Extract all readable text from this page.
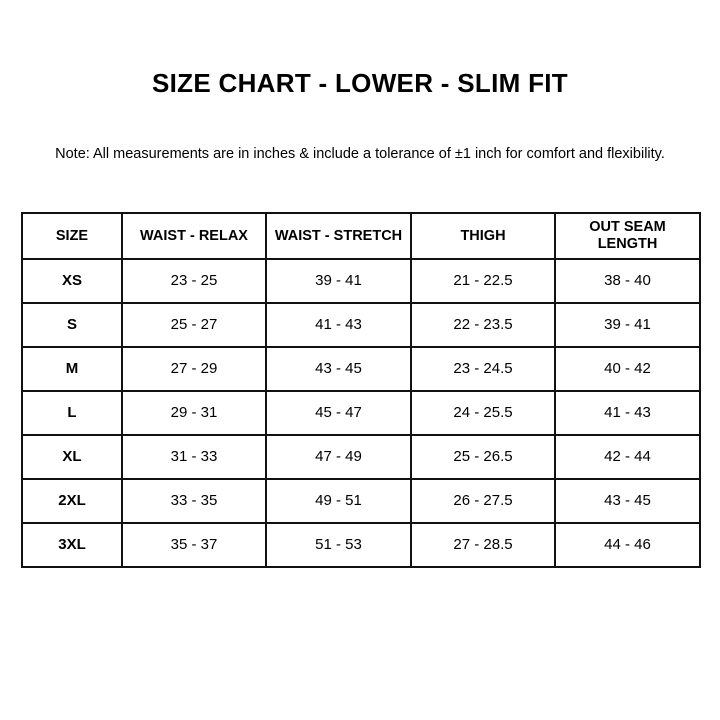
SIZE CHART - LOWER - SLIM FIT
Note: All measurements are in inches & include a tolerance of ±1 inch for comfort and flexibility.
SIZE	WAIST - RELAX	WAIST - STRETCH	THIGH	OUT SEAM LENGTH
XS	23 - 25	39 - 41	21 - 22.5	38 - 40
S	25 - 27	41 - 43	22 - 23.5	39 - 41
M	27 - 29	43 - 45	23 - 24.5	40 - 42
L	29 - 31	45 - 47	24 - 25.5	41 - 43
XL	31 - 33	47 - 49	25 - 26.5	42 - 44
2XL	33 - 35	49 - 51	26 - 27.5	43 - 45
3XL	35 - 37	51 - 53	27 - 28.5	44 - 46
